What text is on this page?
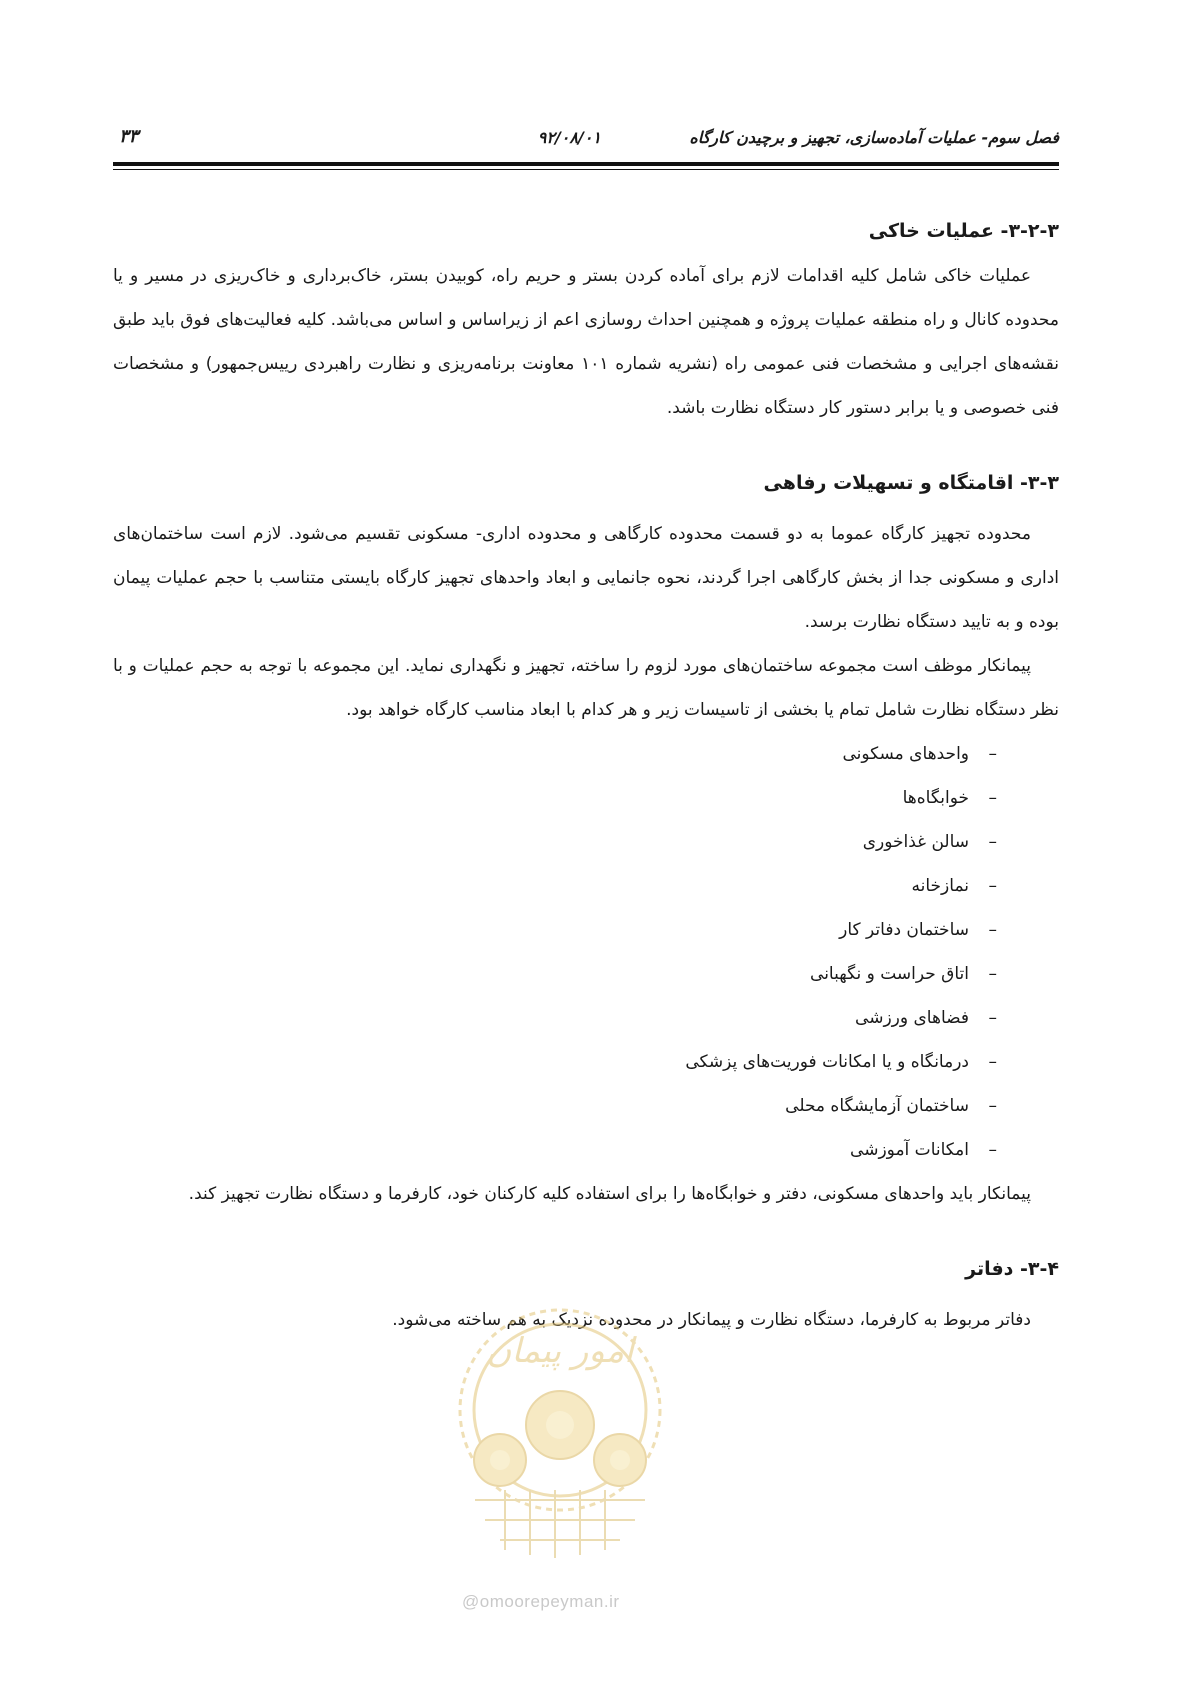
فصل سوم- عملیات آماده‌سازی، تجهیز و برچیدن کارگاه
۹۲/۰۸/۰۱
۳۳
۳-۲-۳- عملیات خاکی

عملیات خاکی شامل کلیه اقدامات لازم برای آماده کردن بستر و حریم راه، کوبیدن بستر، خاک‌برداری و خاک‌ریزی در مسیر و یا محدوده کانال و راه منطقه عملیات پروژه و همچنین احداث روسازی اعم از زیراساس و اساس می‌باشد. کلیه فعالیت‌های فوق باید طبق نقشه‌های اجرایی و مشخصات فنی عمومی راه (نشریه شماره ۱۰۱ معاونت برنامه‌ریزی و نظارت راهبردی رییس‌جمهور) و مشخصات فنی خصوصی و یا برابر دستور کار دستگاه نظارت باشد.

۳-۳- اقامتگاه و تسهیلات رفاهی

محدوده تجهیز کارگاه عموما به دو قسمت محدوده کارگاهی و محدوده اداری- مسکونی تقسیم می‌شود. لازم است ساختمان‌های اداری و مسکونی جدا از بخش کارگاهی اجرا گردند، نحوه جانمایی و ابعاد واحدهای تجهیز کارگاه بایستی متناسب با حجم عملیات پیمان بوده و به تایید دستگاه نظارت برسد.

پیمانکار موظف است مجموعه ساختمان‌های مورد لزوم را ساخته، تجهیز و نگهداری نماید. این مجموعه با توجه به حجم عملیات و با نظر دستگاه نظارت شامل تمام یا بخشی از تاسیسات زیر و هر کدام با ابعاد مناسب کارگاه خواهد بود.

–واحدهای مسکونی
–خوابگاه‌ها
–سالن غذاخوری
–نمازخانه
–ساختمان دفاتر کار
–اتاق حراست و نگهبانی
–فضاهای ورزشی
–درمانگاه و یا امکانات فوریت‌های پزشکی
–ساختمان آزمایشگاه محلی
–امکانات آموزشی

پیمانکار باید واحدهای مسکونی، دفتر و خوابگاه‌ها را برای استفاده کلیه کارکنان خود، کارفرما و دستگاه نظارت تجهیز کند.

۳-۴- دفاتر

دفاتر مربوط به کارفرما، دستگاه نظارت و پیمانکار در محدوده نزدیک به هم ساخته می‌شود.

امور پیمان
@omoorepeyman.ir
